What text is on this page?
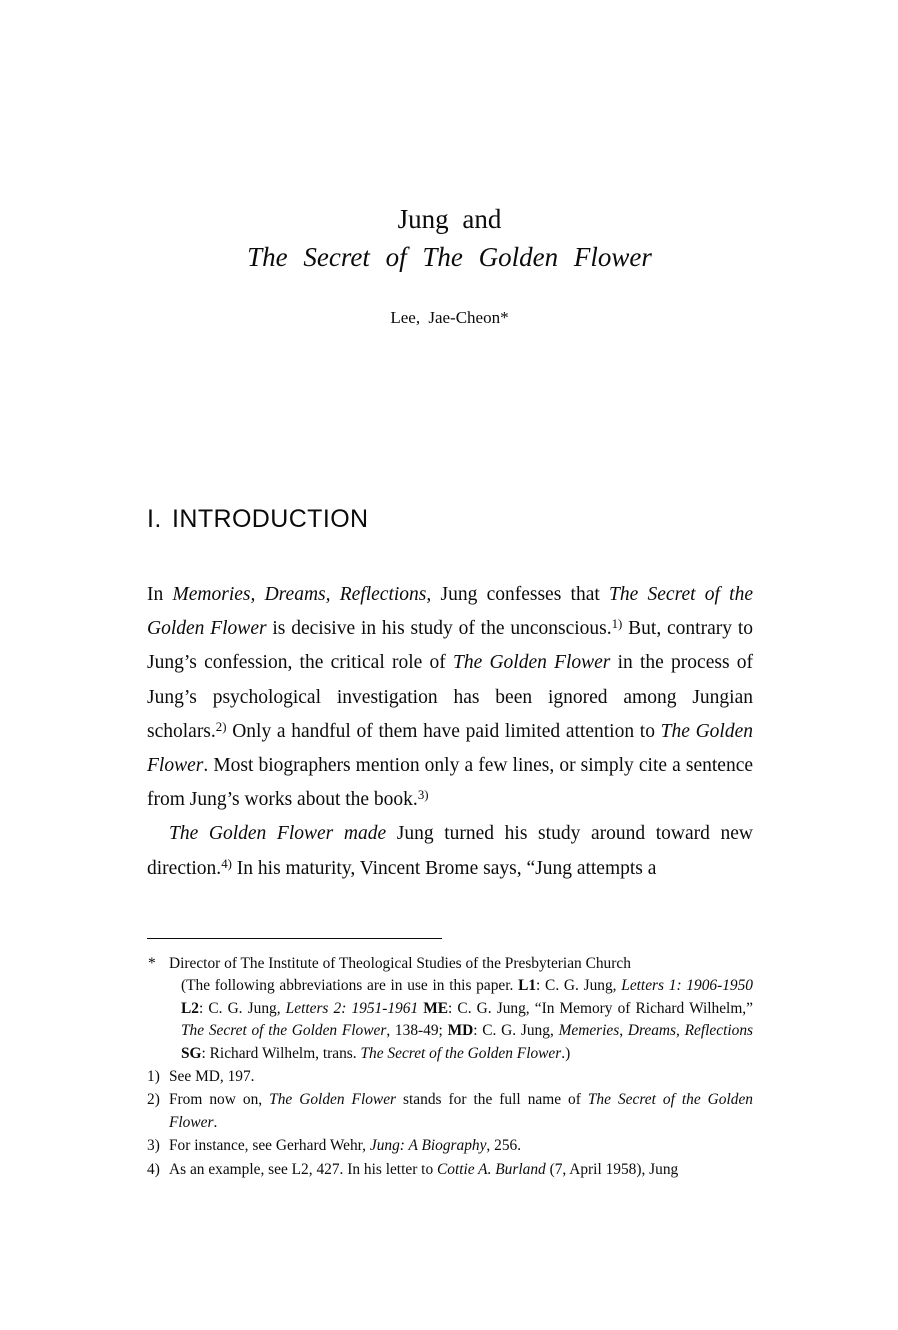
Jung and
The Secret of The Golden Flower
Lee, Jae-Cheon*
I. INTRODUCTION

In Memories, Dreams, Reflections, Jung confesses that The Secret of the Golden Flower is decisive in his study of the unconscious.$^{1)}$ But, contrary to Jung’s confession, the critical role of The Golden Flower in the process of Jung’s psychological investigation has been ignored among Jungian scholars.$^{2)}$ Only a handful of them have paid limited attention to The Golden Flower. Most biographers mention only a few lines, or simply cite a sentence from Jung’s works about the book.$^{3)}$

The Golden Flower made Jung turned his study around toward new direction.$^{4)}$ In his maturity, Vincent Brome says, “Jung attempts a

* Director of The Institute of Theological Studies of the Presbyterian Church
(The following abbreviations are in use in this paper. L1: C. G. Jung, Letters 1: 1906-1950 L2: C. G. Jung, Letters 2: 1951-1961 ME: C. G. Jung, “In Memory of Richard Wilhelm,” The Secret of the Golden Flower, 138-49; MD: C. G. Jung, Memeries, Dreams, Reflections SG: Richard Wilhelm, trans. The Secret of the Golden Flower.)
1) See MD, 197.
2) From now on, The Golden Flower stands for the full name of The Secret of the Golden Flower.
3) For instance, see Gerhard Wehr, Jung: A Biography, 256.
4) As an example, see L2, 427. In his letter to Cottie A. Burland (7, April 1958), Jung
